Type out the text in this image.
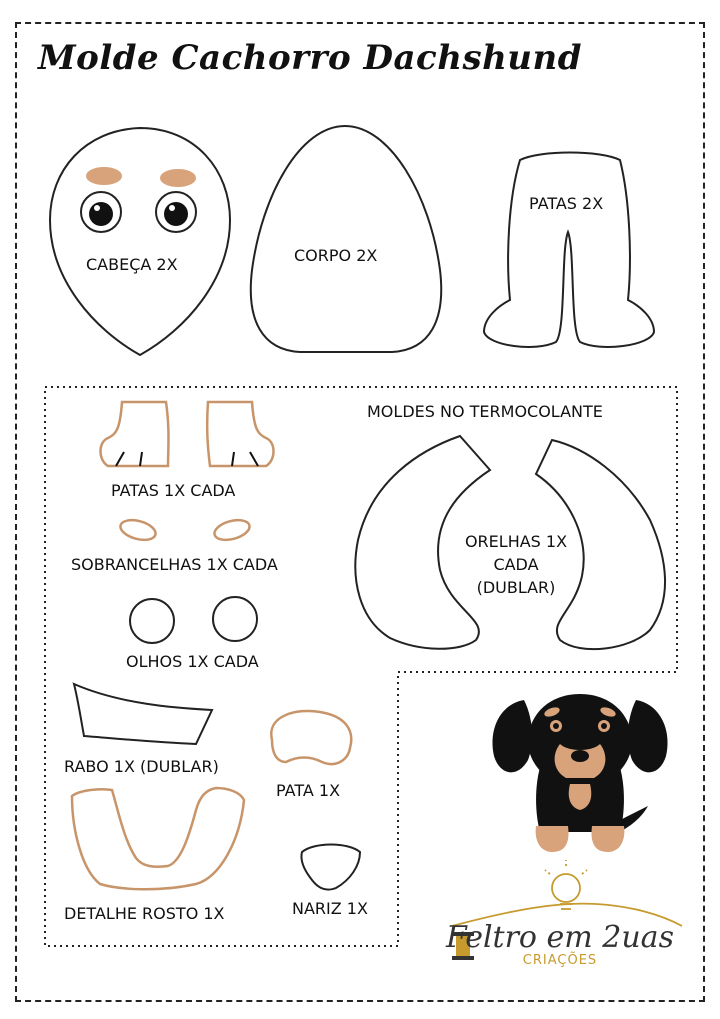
Molde Cachorro Dachshund
CABEÇA 2X	CORPO 2X
PATAS 2X
MOLDES NO TERMOCOLANTE
PATAS 1X CADA
SOBRANCELHAS 1X CADA
ORELHAS 1X
CADA
(DUBLAR)
OLHOS 1X CADA
RABO 1X (DUBLAR)
PATA 1X
DETALHE ROSTO 1X	NARIZ 1X
Feltro em 2uas
CRIAÇÕES
